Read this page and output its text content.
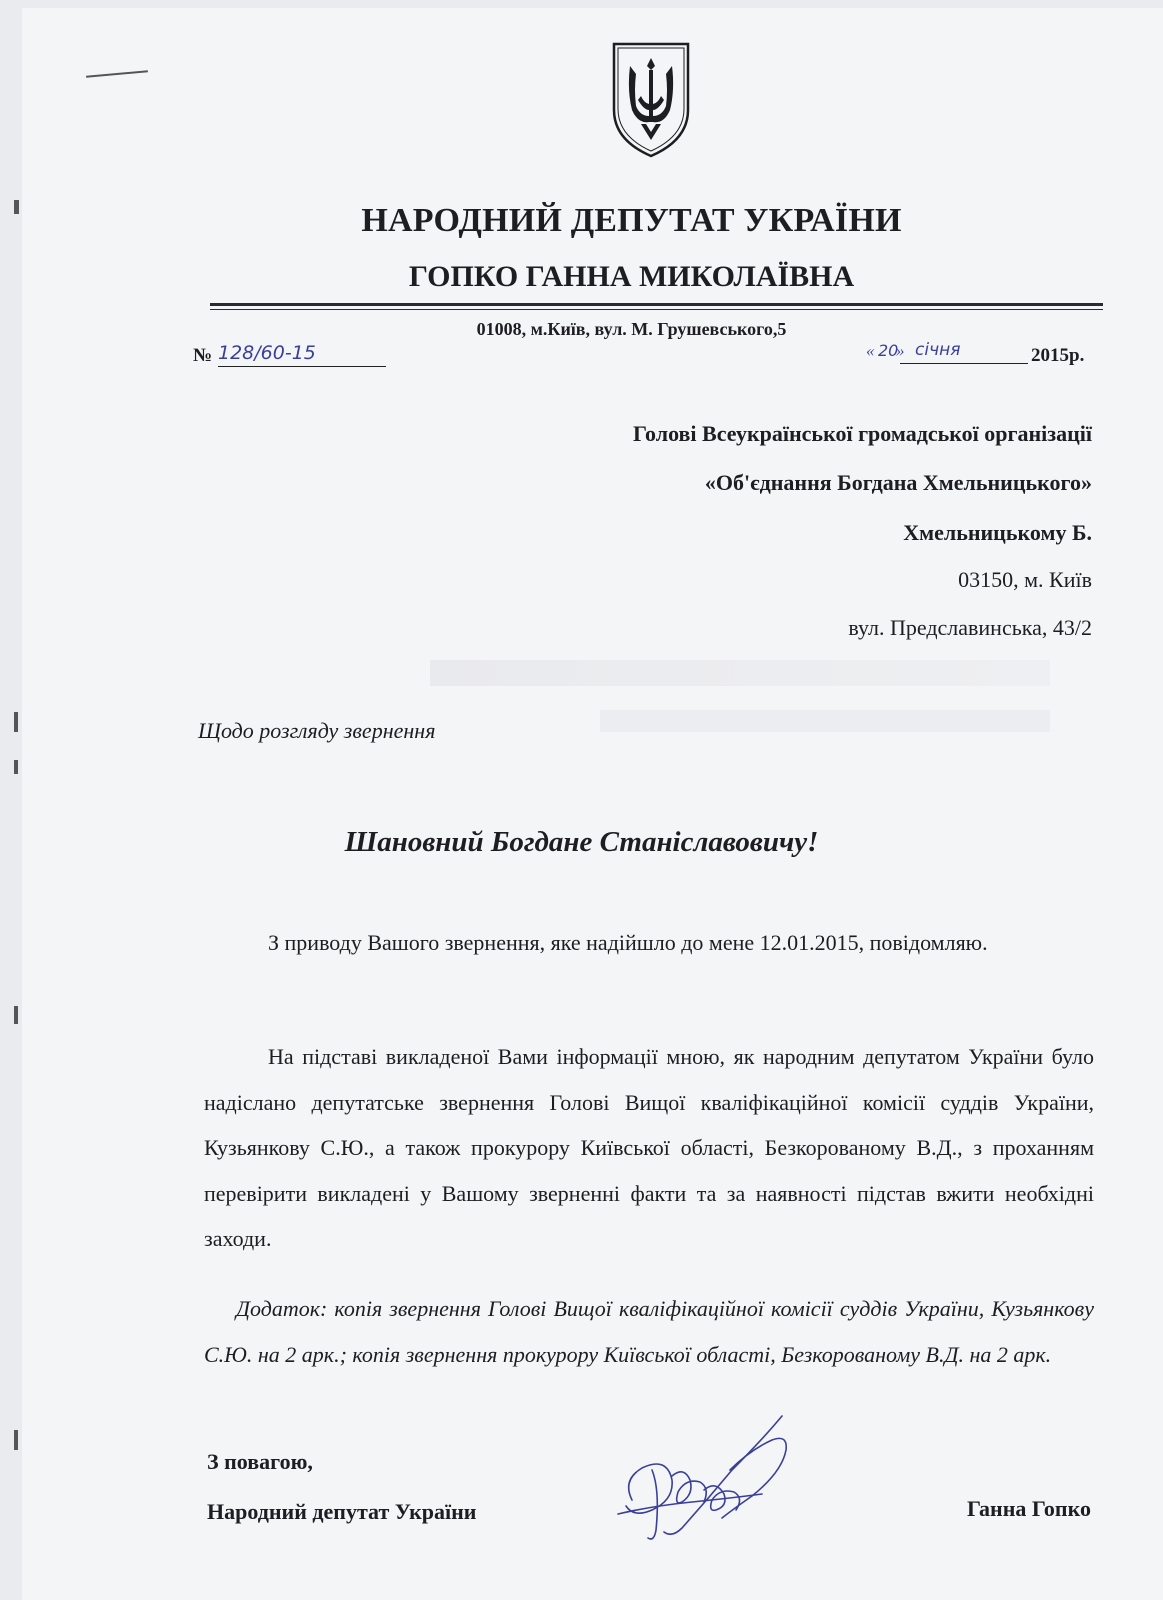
НАРОДНИЙ ДЕПУТАТ УКРАЇНИ
ГОПКО ГАННА МИКОЛАЇВНА
01008, м.Київ, вул. М. Грушевського,5
№ 128/60-15	« 20
» січня	2015р.
Голові Всеукраїнської громадської організації
«Об'єднання Богдана Хмельницького»
Хмельницькому Б.
03150, м. Київ
вул. Предславинська, 43/2
Щодо розгляду звернення
Шановний Богдане Станіславовичу!
З приводу Вашого звернення, яке надійшло до мене 12.01.2015, повідомляю.
На підставі викладеної Вами інформації мною, як народним депутатом України було надіслано депутатське звернення Голові Вищої кваліфікаційної комісії суддів України, Кузьянкову С.Ю., а також прокурору Київської області, Безкорованому В.Д., з проханням перевірити викладені у Вашому зверненні факти та за наявності підстав вжити необхідні заходи.
Додаток: копія звернення Голові Вищої кваліфікаційної комісії суддів України, Кузьянкову С.Ю. на 2 арк.; копія звернення прокурору Київської області, Безкорованому В.Д. на 2 арк.
З повагою,
Народний депутат України	Ганна Гопко
